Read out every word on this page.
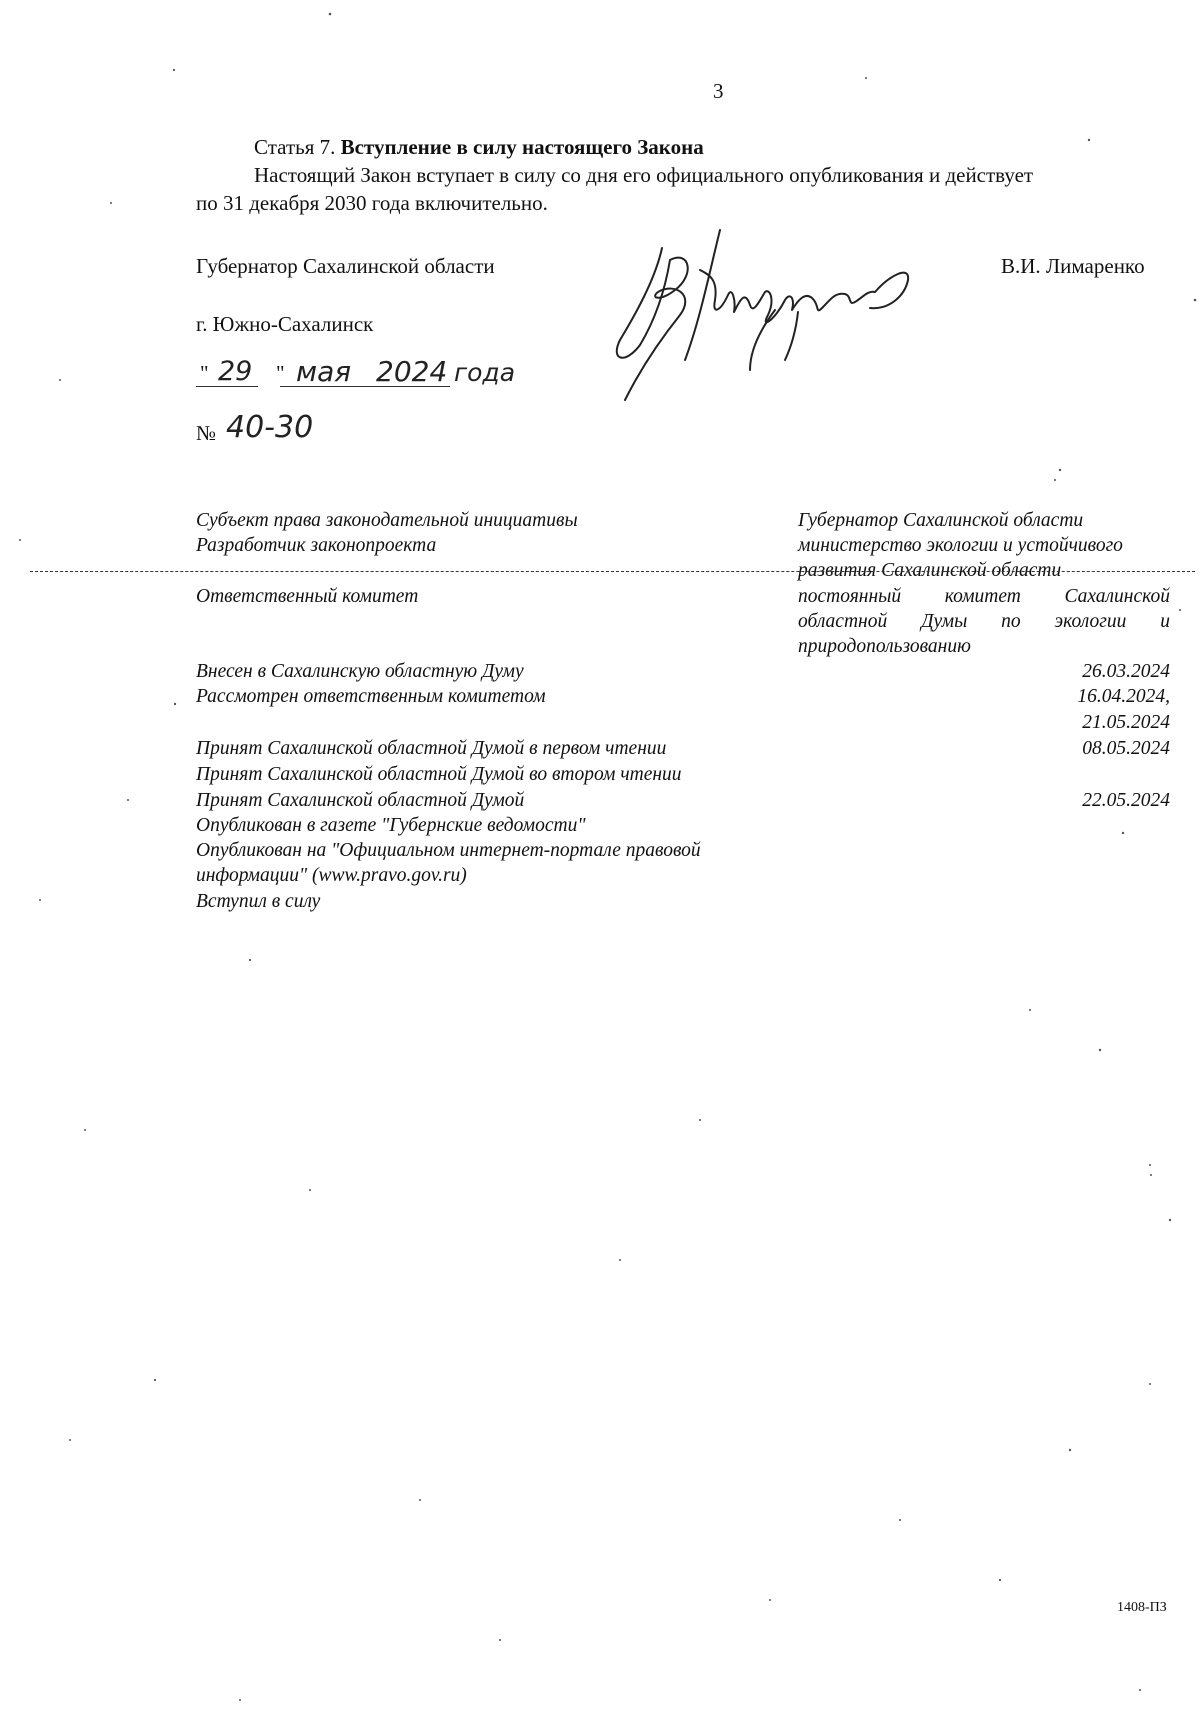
3
Статья 7. Вступление в силу настоящего Закона
Настоящий Закон вступает в силу со дня его официального опубликования и действует
по 31 декабря 2030 года включительно.
Губернатор Сахалинской области	В.И. Лимаренко
г. Южно-Сахалинск
" 29 " мая 2024 года
№ 40-30
Субъект права законодательной инициативы	Губернатор Сахалинской области
Разработчик законопроекта	министерство экологии и устойчивого
развития Сахалинской области
Ответственный комитет	постоянный комитет Сахалинской
областной Думы по экологии и
природопользованию
Внесен в Сахалинскую областную Думу	26.03.2024
Рассмотрен ответственным комитетом	16.04.2024,
21.05.2024
Принят Сахалинской областной Думой в первом чтении	08.05.2024
Принят Сахалинской областной Думой во втором чтении
Принят Сахалинской областной Думой	22.05.2024
Опубликован в газете "Губернские ведомости"
Опубликован на "Официальном интернет-портале правовой
информации" (www.pravo.gov.ru)
Вступил в силу
1408-ПЗ
